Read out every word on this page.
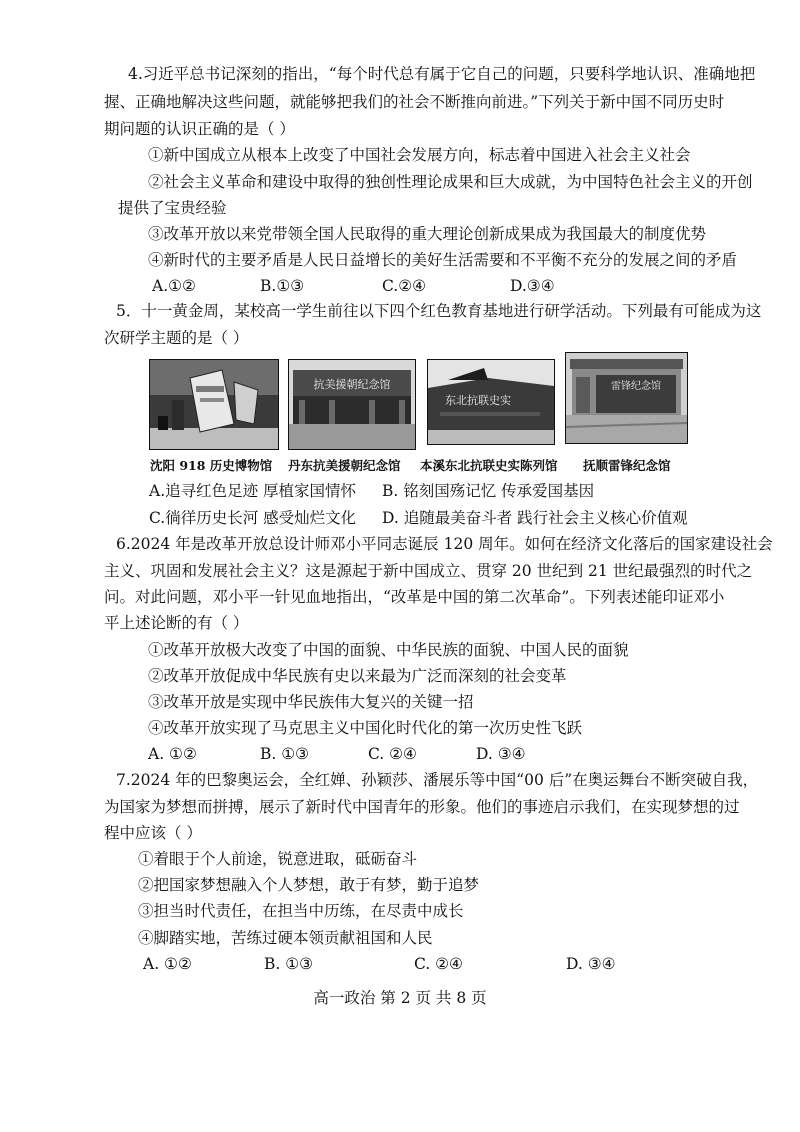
4.习近平总书记深刻的指出，“每个时代总有属于它自己的问题，只要科学地认识、准确地把
握、正确地解决这些问题，就能够把我们的社会不断推向前进。”下列关于新中国不同历史时
期问题的认识正确的是（ ）
①新中国成立从根本上改变了中国社会发展方向，标志着中国进入社会主义社会
②社会主义革命和建设中取得的独创性理论成果和巨大成就，为中国特色社会主义的开创
提供了宝贵经验
③改革开放以来党带领全国人民取得的重大理论创新成果成为我国最大的制度优势
④新时代的主要矛盾是人民日益增长的美好生活需要和不平衡不充分的发展之间的矛盾
A.①②	B.①③	C.②④	D.③④
5．十一黄金周，某校高一学生前往以下四个红色教育基地进行研学活动。下列最有可能成为这
次研学主题的是（ ）
抗美援朝纪念馆
东北抗联史实
雷锋纪念馆
沈阳 918 历史博物馆 丹东抗美援朝纪念馆 本溪东北抗联史实陈列馆 抚顺雷锋纪念馆
A.追寻红色足迹 厚植家国情怀 B. 铭刻国殇记忆 传承爱国基因
C.徜徉历史长河 感受灿烂文化 D. 追随最美奋斗者 践行社会主义核心价值观
6.2024 年是改革开放总设计师邓小平同志诞辰 120 周年。如何在经济文化落后的国家建设社会
主义、巩固和发展社会主义？这是源起于新中国成立、贯穿 20 世纪到 21 世纪最强烈的时代之
问。对此问题，邓小平一针见血地指出，“改革是中国的第二次革命”。下列表述能印证邓小
平上述论断的有（ ）
①改革开放极大改变了中国的面貌、中华民族的面貌、中国人民的面貌
②改革开放促成中华民族有史以来最为广泛而深刻的社会变革
③改革开放是实现中华民族伟大复兴的关键一招
④改革开放实现了马克思主义中国化时代化的第一次历史性飞跃
A. ①②	B. ①③	C. ②④	D. ③④
7.2024 年的巴黎奥运会，全红婵、孙颖莎、潘展乐等中国“00 后”在奥运舞台不断突破自我，
为国家为梦想而拼搏，展示了新时代中国青年的形象。他们的事迹启示我们，在实现梦想的过
程中应该（ ）
①着眼于个人前途，锐意进取，砥砺奋斗
②把国家梦想融入个人梦想，敢于有梦，勤于追梦
③担当时代责任，在担当中历练，在尽责中成长
④脚踏实地，苦练过硬本领贡献祖国和人民
A. ①②	B. ①③	C. ②④	D. ③④
高一政治 第 2 页 共 8 页
